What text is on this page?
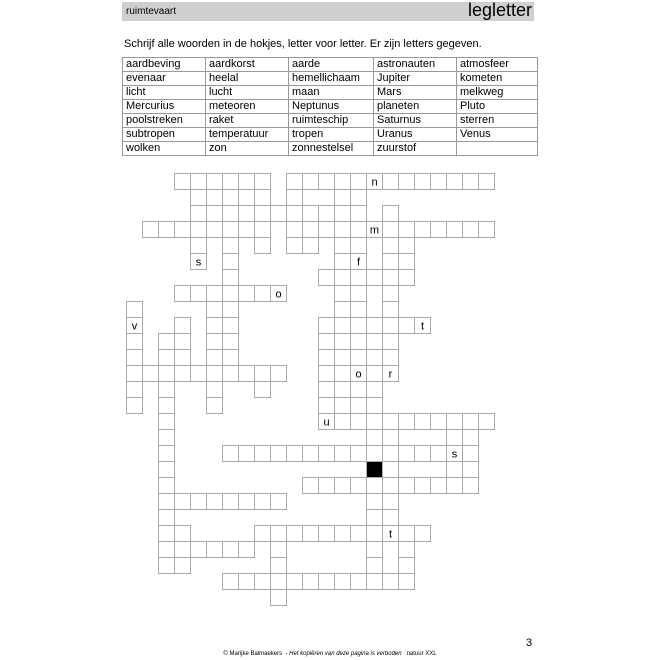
ruimtevaart	legletter
Schrijf alle woorden in de hokjes, letter voor letter. Er zijn letters gegeven.
aardbeving	aardkorst	aarde	astronauten	atmosfeer
evenaar	heelal	hemellichaam	Jupiter	kometen
licht	lucht	maan	Mars	melkweg
Mercurius	meteoren	Neptunus	planeten	Pluto
poolstreken	raket	ruimteschip	Saturnus	sterren
subtropen	temperatuur	tropen	Uranus	Venus
wolken	zon	zonnestelsel	zuurstof	
n
f
o
m
o
v	t
u
s
t
s
r
© Marijke Balmaekers - Het kopiëren van deze pagina is verboden natuur XXL
3
